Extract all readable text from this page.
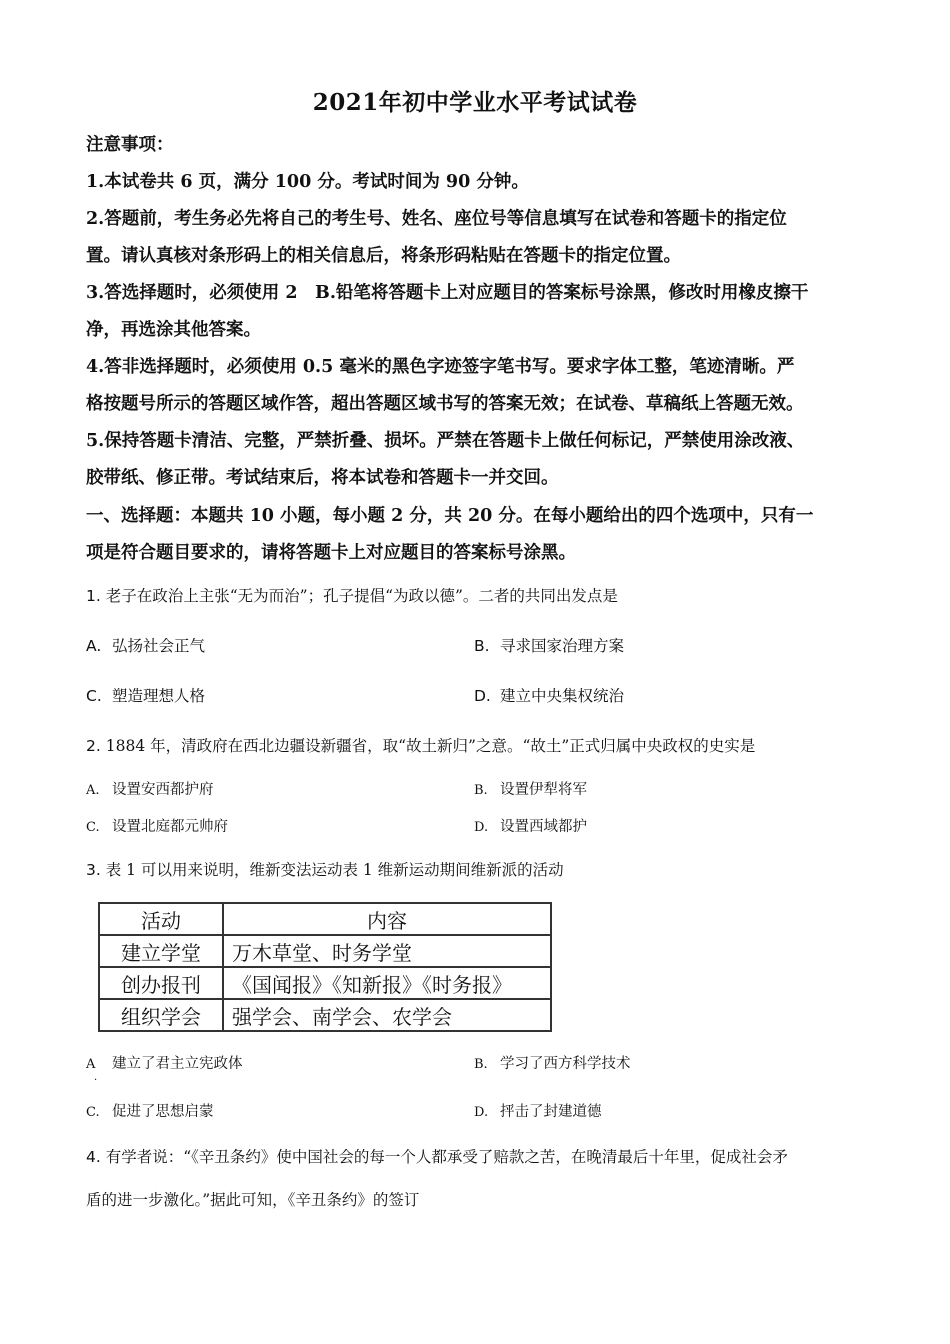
2021年初中学业水平考试试卷
注意事项：
1.本试卷共 6 页，满分 100 分。考试时间为 90 分钟。
2.答题前，考生务必先将自己的考生号、姓名、座位号等信息填写在试卷和答题卡的指定位
置。请认真核对条形码上的相关信息后，将条形码粘贴在答题卡的指定位置。
3.答选择题时，必须使用 2　B.铅笔将答题卡上对应题目的答案标号涂黑，修改时用橡皮擦干
净，再选涂其他答案。
4.答非选择题时，必须使用 0.5 毫米的黑色字迹签字笔书写。要求字体工整，笔迹清晰。严
格按题号所示的答题区域作答，超出答题区域书写的答案无效；在试卷、草稿纸上答题无效。
5.保持答题卡清洁、完整，严禁折叠、损坏。严禁在答题卡上做任何标记，严禁使用涂改液、
胶带纸、修正带。考试结束后，将本试卷和答题卡一并交回。
一、选择题：本题共 10 小题，每小题 2 分，共 20 分。在每小题给出的四个选项中，只有一
项是符合题目要求的，请将答题卡上对应题目的答案标号涂黑。
1. 老子在政治上主张“无为而治”；孔子提倡“为政以德”。二者的共同出发点是
A. 弘扬社会正气	B. 寻求国家治理方案
C. 塑造理想人格	D. 建立中央集权统治
2. 1884 年，清政府在西北边疆设新疆省，取“故土新归”之意。“故土”正式归属中央政权的史实是
A. 设置安西都护府	B. 设置伊犁将军
C. 设置北庭都元帅府	D. 设置西域都护
3. 表 1 可以用来说明，维新变法运动表 1 维新运动期间维新派的活动
活动	内容
建立学堂	万木草堂、时务学堂
创办报刊	《国闻报》《知新报》《时务报》
组织学会	强学会、南学会、农学会
A 建立了君主立宪政体
·
B. 学习了西方科学技术
C. 促进了思想启蒙	D. 抨击了封建道德
4. 有学者说：“《辛丑条约》使中国社会的每一个人都承受了赔款之苦，在晚清最后十年里，促成社会矛
盾的进一步激化。”据此可知，《辛丑条约》的签订
